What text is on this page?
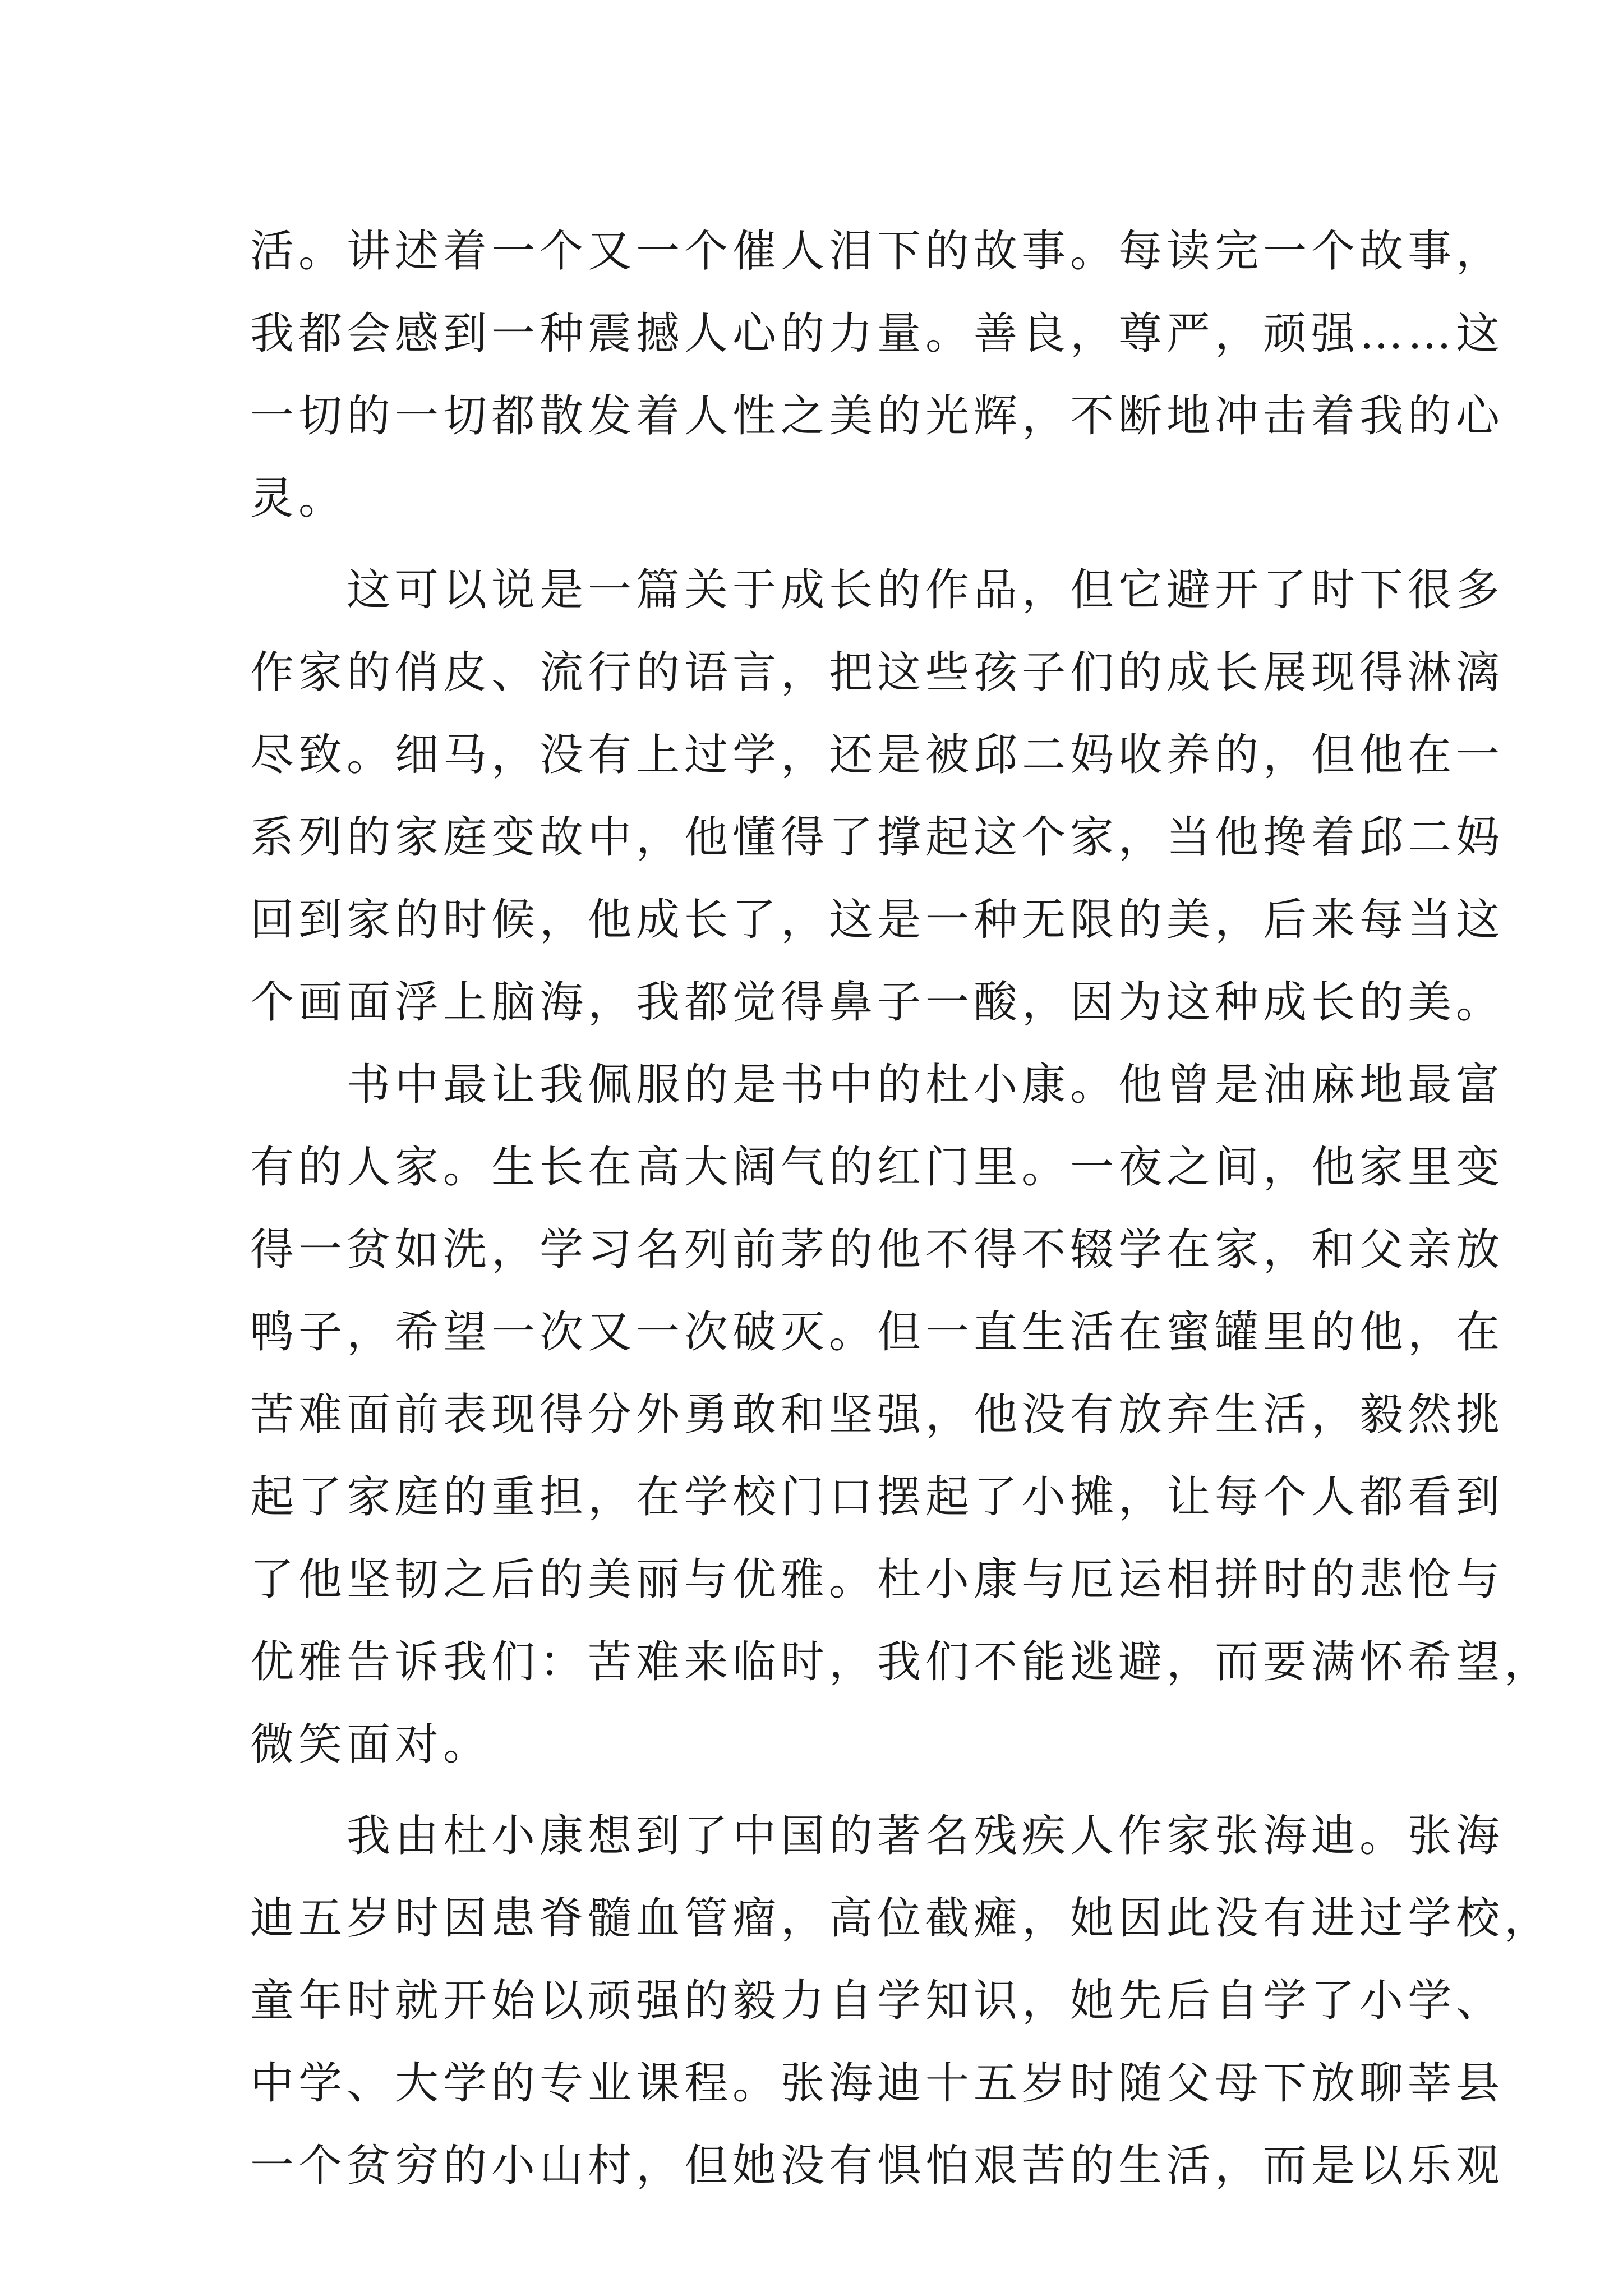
活。讲述着一个又一个催人泪下的故事。每读完一个故事，
我都会感到一种震撼人心的力量。善良，尊严，顽强……这
一切的一切都散发着人性之美的光辉，不断地冲击着我的心
灵。
　　这可以说是一篇关于成长的作品，但它避开了时下很多
作家的俏皮、流行的语言，把这些孩子们的成长展现得淋漓
尽致。细马，没有上过学，还是被邱二妈收养的，但他在一
系列的家庭变故中，他懂得了撑起这个家，当他搀着邱二妈
回到家的时候，他成长了，这是一种无限的美，后来每当这
个画面浮上脑海，我都觉得鼻子一酸，因为这种成长的美。
　　书中最让我佩服的是书中的杜小康。他曾是油麻地最富
有的人家。生长在高大阔气的红门里。一夜之间，他家里变
得一贫如洗，学习名列前茅的他不得不辍学在家，和父亲放
鸭子，希望一次又一次破灭。但一直生活在蜜罐里的他，在
苦难面前表现得分外勇敢和坚强，他没有放弃生活，毅然挑
起了家庭的重担，在学校门口摆起了小摊，让每个人都看到
了他坚韧之后的美丽与优雅。杜小康与厄运相拼时的悲怆与
优雅告诉我们：苦难来临时，我们不能逃避，而要满怀希望，
微笑面对。
　　我由杜小康想到了中国的著名残疾人作家张海迪。张海
迪五岁时因患脊髓血管瘤，高位截瘫，她因此没有进过学校，
童年时就开始以顽强的毅力自学知识，她先后自学了小学、
中学、大学的专业课程。张海迪十五岁时随父母下放聊莘县
一个贫穷的小山村，但她没有惧怕艰苦的生活，而是以乐观
